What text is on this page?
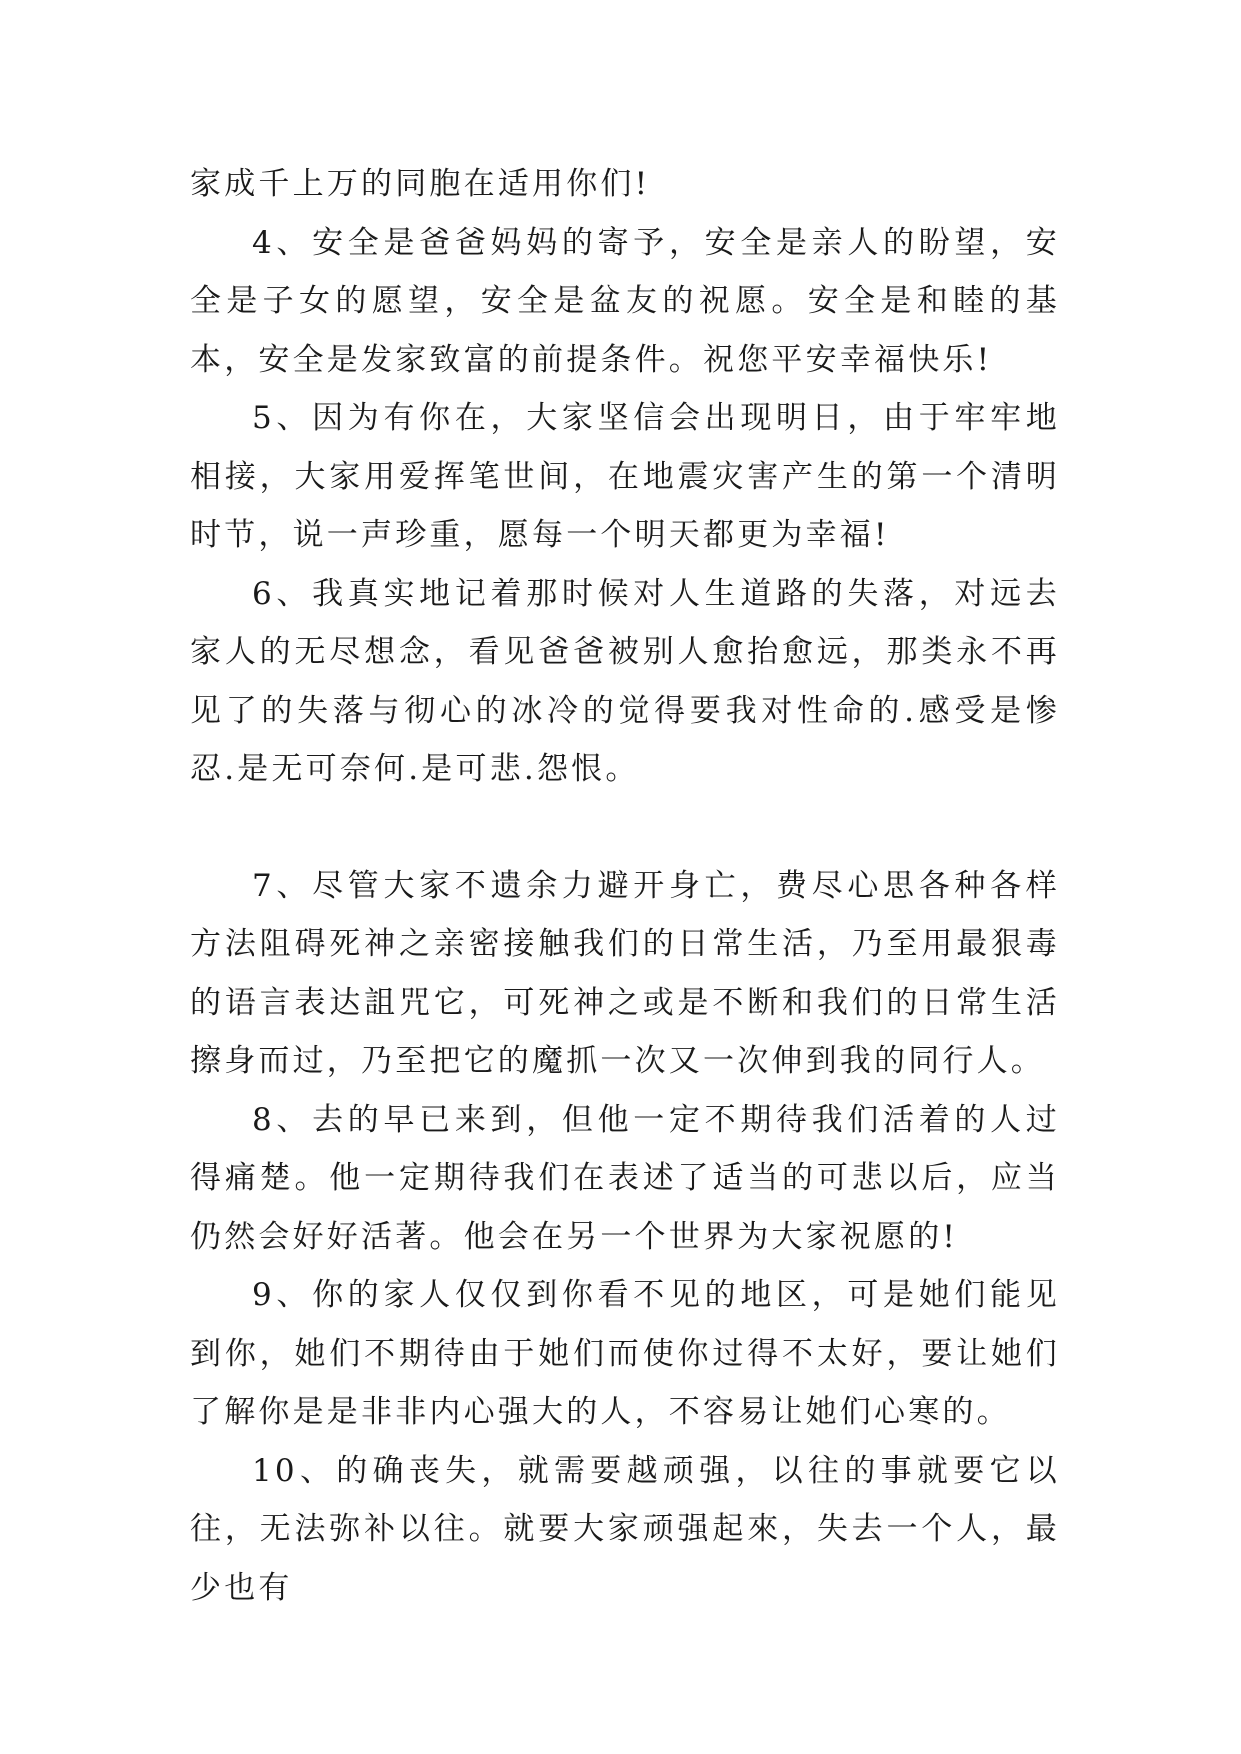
家成千上万的同胞在适用你们!

4、安全是爸爸妈妈的寄予，安全是亲人的盼望，安全是子女的愿望，安全是盆友的祝愿。安全是和睦的基本，安全是发家致富的前提条件。祝您平安幸福快乐!

5、因为有你在，大家坚信会出现明日，由于牢牢地相接，大家用爱挥笔世间，在地震灾害产生的第一个清明时节，说一声珍重，愿每一个明天都更为幸福!

6、我真实地记着那时候对人生道路的失落，对远去家人的无尽想念，看见爸爸被别人愈抬愈远，那类永不再见了的失落与彻心的冰冷的觉得要我对性命的.感受是惨忍.是无可奈何.是可悲.怨恨。

7、尽管大家不遗余力避开身亡，费尽心思各种各样方法阻碍死神之亲密接触我们的日常生活，乃至用最狠毒的语言表达詛咒它，可死神之或是不断和我们的日常生活擦身而过，乃至把它的魔抓一次又一次伸到我的同行人。

8、去的早已来到，但他一定不期待我们活着的人过得痛楚。他一定期待我们在表述了适当的可悲以后，应当仍然会好好活著。他会在另一个世界为大家祝愿的!

9、你的家人仅仅到你看不见的地区，可是她们能见到你，她们不期待由于她们而使你过得不太好，要让她们了解你是是非非内心强大的人，不容易让她们心寒的。

10、的确丧失，就需要越顽强，以往的事就要它以往，无法弥补以往。就要大家顽强起來，失去一个人，最少也有
